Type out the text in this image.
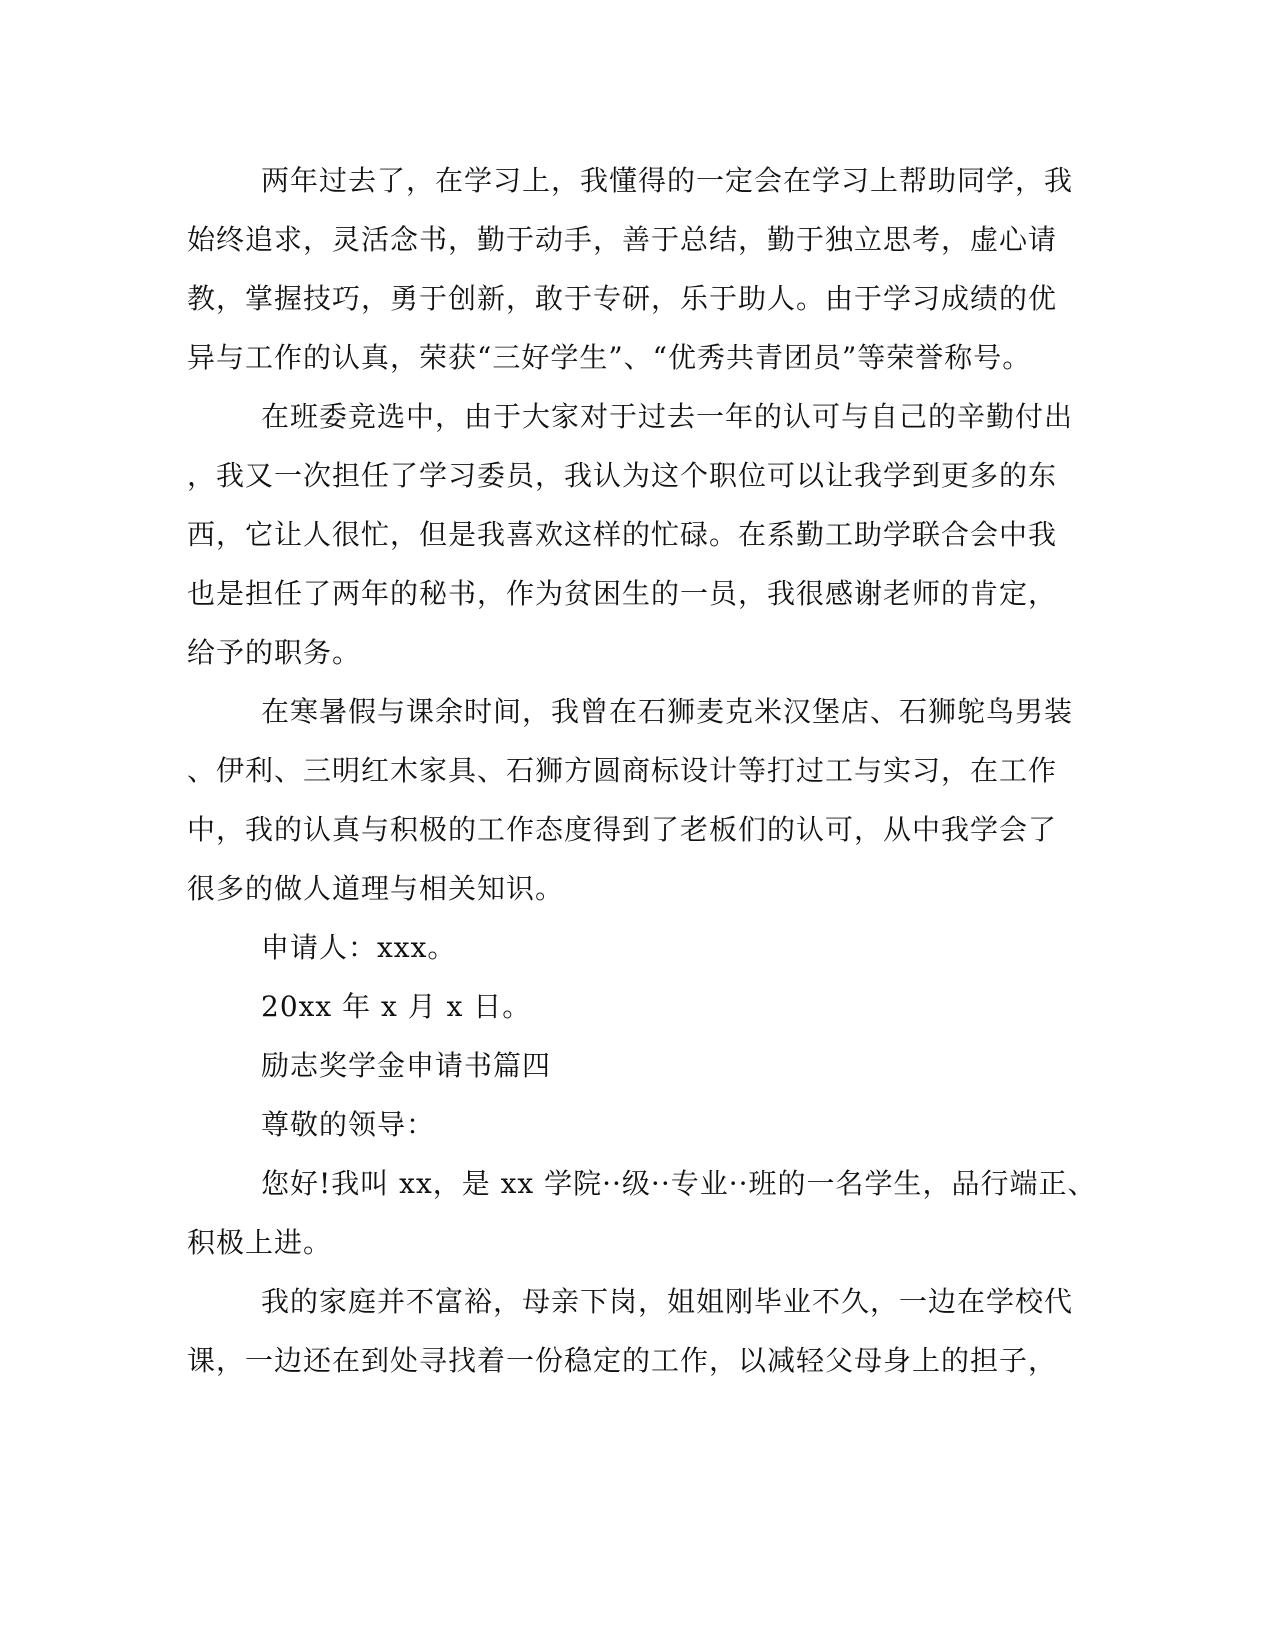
两年过去了，在学习上，我懂得的一定会在学习上帮助同学，我
始终追求，灵活念书，勤于动手，善于总结，勤于独立思考，虚心请
教，掌握技巧，勇于创新，敢于专研，乐于助人。由于学习成绩的优
异与工作的认真，荣获“三好学生”、“优秀共青团员”等荣誉称号。
在班委竞选中，由于大家对于过去一年的认可与自己的辛勤付出
，我又一次担任了学习委员，我认为这个职位可以让我学到更多的东
西，它让人很忙，但是我喜欢这样的忙碌。在系勤工助学联合会中我
也是担任了两年的秘书，作为贫困生的一员，我很感谢老师的肯定，
给予的职务。
在寒暑假与课余时间，我曾在石狮麦克米汉堡店、石狮鸵鸟男装
、伊利、三明红木家具、石狮方圆商标设计等打过工与实习，在工作
中，我的认真与积极的工作态度得到了老板们的认可，从中我学会了
很多的做人道理与相关知识。
申请人：xxx。
20xx 年 x 月 x 日。
励志奖学金申请书篇四
尊敬的领导：
您好!我叫 xx，是 xx 学院··级··专业··班的一名学生，品行端正、
积极上进。
我的家庭并不富裕，母亲下岗，姐姐刚毕业不久，一边在学校代
课，一边还在到处寻找着一份稳定的工作，以减轻父母身上的担子，
